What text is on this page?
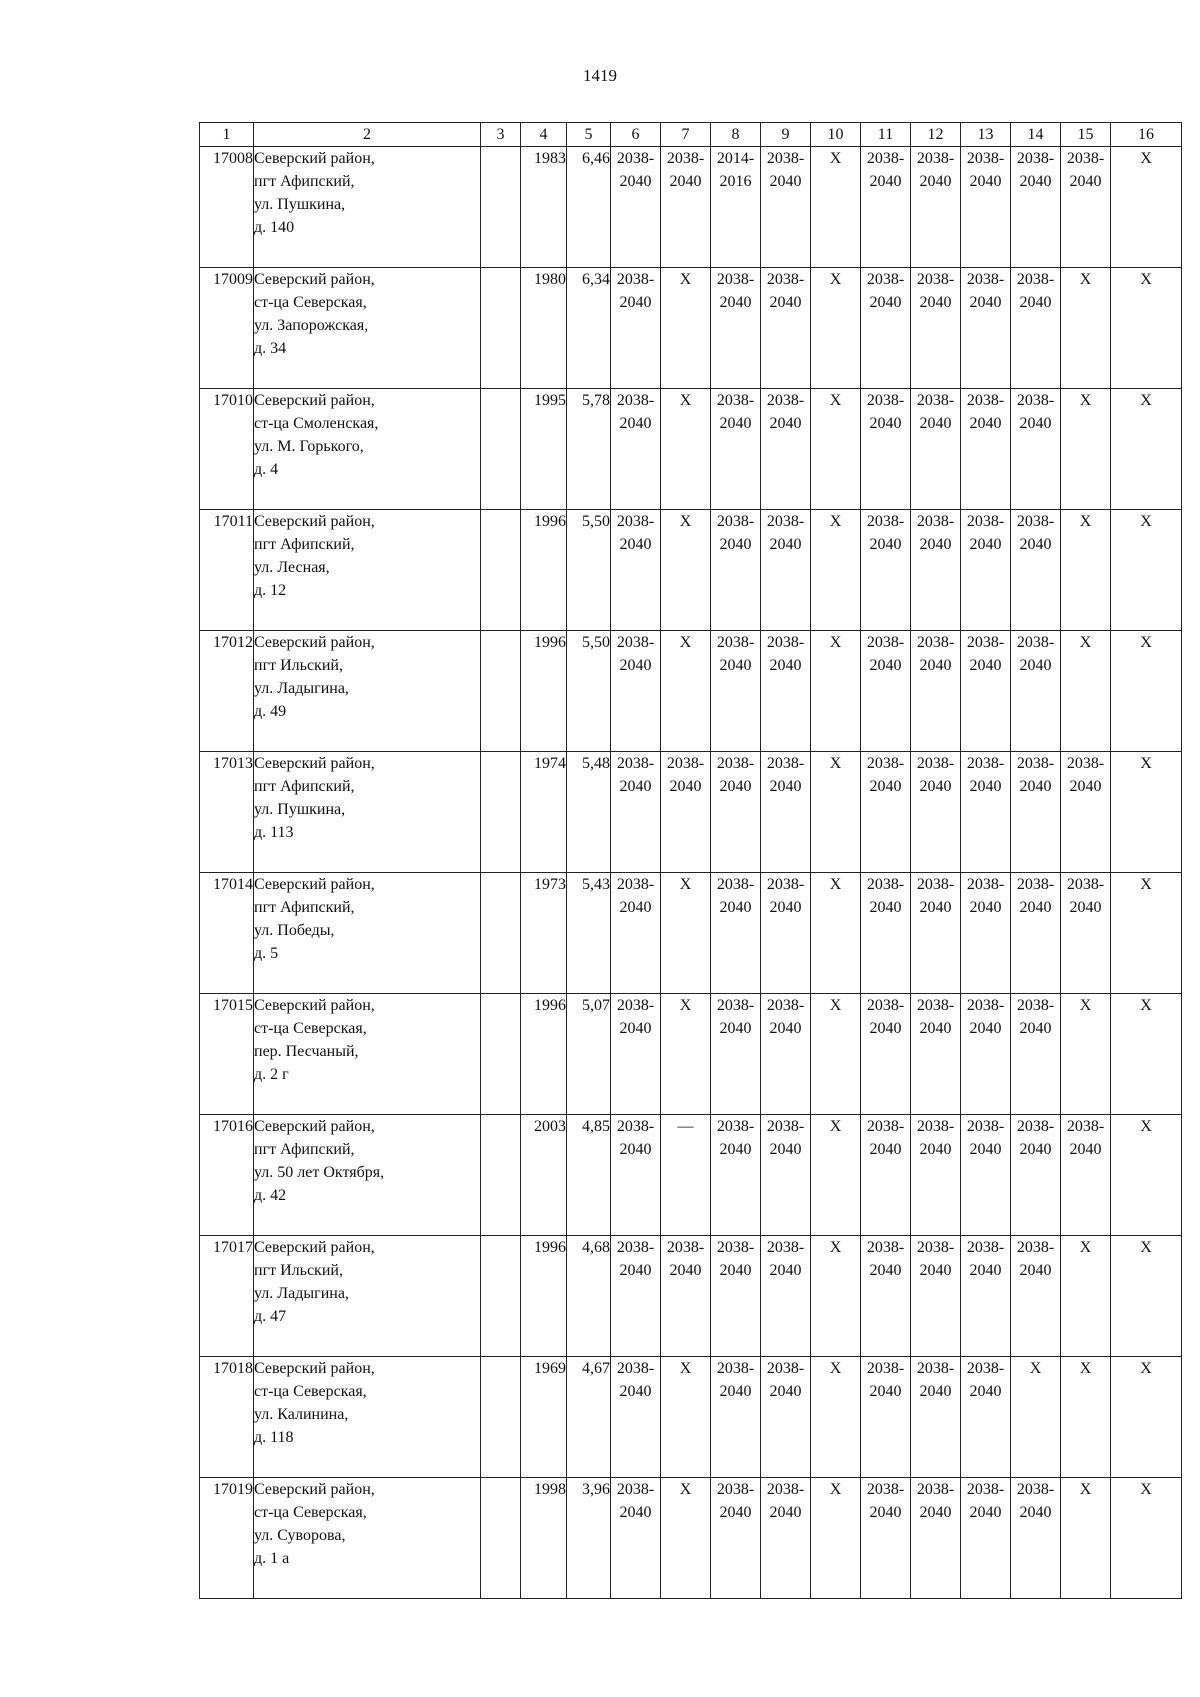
1419
1	2	3	4	5	6	7	8	9	10	11	12	13	14	15	16
17008	Северский район,
пгт Афипский,
ул. Пушкина,
д. 140		1983	6,46	2038-
2040	2038-
2040	2014-
2016	2038-
2040	Х	2038-
2040	2038-
2040	2038-
2040	2038-
2040	2038-
2040	Х
17009	Северский район,
ст-ца Северская,
ул. Запорожская,
д. 34		1980	6,34	2038-
2040	Х	2038-
2040	2038-
2040	Х	2038-
2040	2038-
2040	2038-
2040	2038-
2040	Х	Х
17010	Северский район,
ст-ца Смоленская,
ул. М. Горького,
д. 4		1995	5,78	2038-
2040	Х	2038-
2040	2038-
2040	Х	2038-
2040	2038-
2040	2038-
2040	2038-
2040	Х	Х
17011	Северский район,
пгт Афипский,
ул. Лесная,
д. 12		1996	5,50	2038-
2040	Х	2038-
2040	2038-
2040	Х	2038-
2040	2038-
2040	2038-
2040	2038-
2040	Х	Х
17012	Северский район,
пгт Ильский,
ул. Ладыгина,
д. 49		1996	5,50	2038-
2040	Х	2038-
2040	2038-
2040	Х	2038-
2040	2038-
2040	2038-
2040	2038-
2040	Х	Х
17013	Северский район,
пгт Афипский,
ул. Пушкина,
д. 113		1974	5,48	2038-
2040	2038-
2040	2038-
2040	2038-
2040	Х	2038-
2040	2038-
2040	2038-
2040	2038-
2040	2038-
2040	Х
17014	Северский район,
пгт Афипский,
ул. Победы,
д. 5		1973	5,43	2038-
2040	Х	2038-
2040	2038-
2040	Х	2038-
2040	2038-
2040	2038-
2040	2038-
2040	2038-
2040	Х
17015	Северский район,
ст-ца Северская,
пер. Песчаный,
д. 2 г		1996	5,07	2038-
2040	Х	2038-
2040	2038-
2040	Х	2038-
2040	2038-
2040	2038-
2040	2038-
2040	Х	Х
17016	Северский район,
пгт Афипский,
ул. 50 лет Октября,
д. 42		2003	4,85	2038-
2040	—	2038-
2040	2038-
2040	Х	2038-
2040	2038-
2040	2038-
2040	2038-
2040	2038-
2040	Х
17017	Северский район,
пгт Ильский,
ул. Ладыгина,
д. 47		1996	4,68	2038-
2040	2038-
2040	2038-
2040	2038-
2040	Х	2038-
2040	2038-
2040	2038-
2040	2038-
2040	Х	Х
17018	Северский район,
ст-ца Северская,
ул. Калинина,
д. 118		1969	4,67	2038-
2040	Х	2038-
2040	2038-
2040	Х	2038-
2040	2038-
2040	2038-
2040	Х	Х	Х
17019	Северский район,
ст-ца Северская,
ул. Суворова,
д. 1 а		1998	3,96	2038-
2040	Х	2038-
2040	2038-
2040	Х	2038-
2040	2038-
2040	2038-
2040	2038-
2040	Х	Х
